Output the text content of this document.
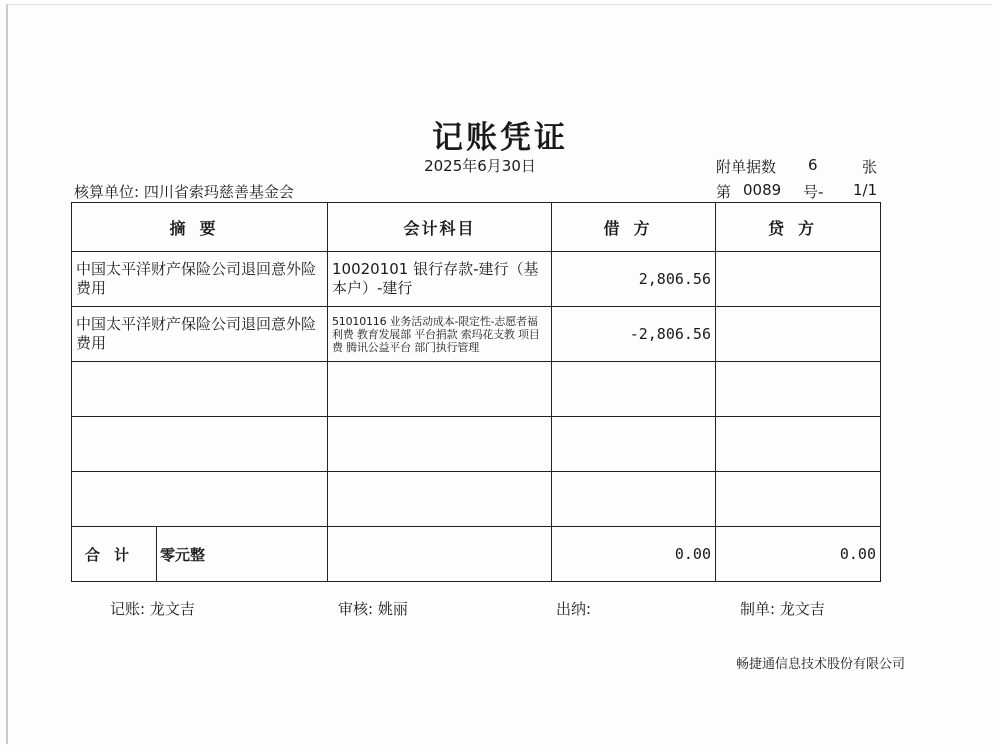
记账凭证
2025年6月30日	附单据数 6	张
核算单位: 四川省索玛慈善基金会	第 0089 号- 1/1
摘要	会计科目	借方	贷方
中国太平洋财产保险公司退回意外险费用	10020101 银行存款-建行（基本户）-建行	2,806.56	
中国太平洋财产保险公司退回意外险费用	51010116 业务活动成本-限定性-志愿者福利费 教育发展部 平台捐款 索玛花支教 项目费 腾讯公益平台 部门执行管理	-2,806.56	

合计 零元整		0.00	0.00
记账: 龙文吉	审核: 姚丽	出纳:	制单: 龙文吉
畅捷通信息技术股份有限公司
